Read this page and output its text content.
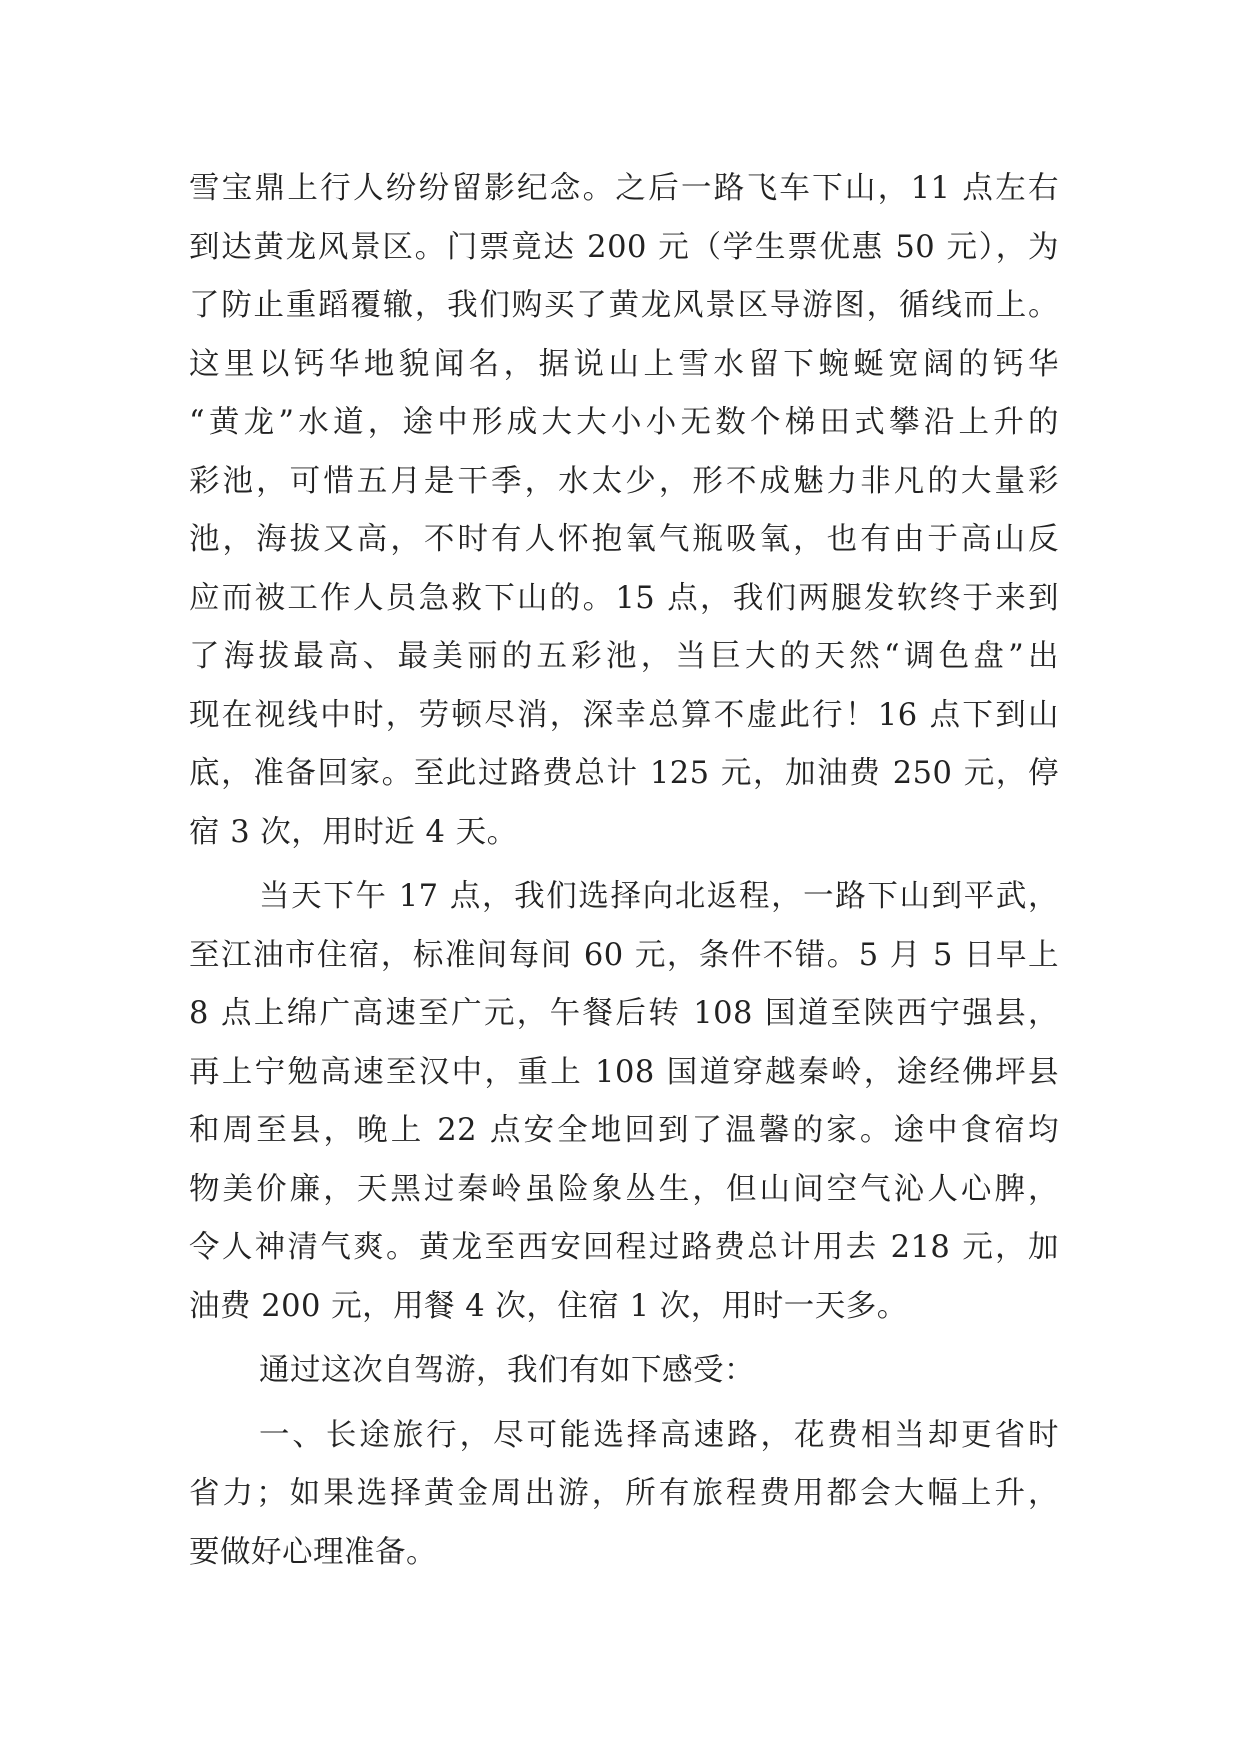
雪宝鼎上行人纷纷留影纪念。之后一路飞车下山，11 点左右
到达黄龙风景区。门票竟达 200 元（学生票优惠 50 元），为
了防止重蹈覆辙，我们购买了黄龙风景区导游图，循线而上。
这里以钙华地貌闻名，据说山上雪水留下蜿蜒宽阔的钙华
“黄龙”水道，途中形成大大小小无数个梯田式攀沿上升的
彩池，可惜五月是干季，水太少，形不成魅力非凡的大量彩
池，海拔又高，不时有人怀抱氧气瓶吸氧，也有由于高山反
应而被工作人员急救下山的。15 点，我们两腿发软终于来到
了海拔最高、最美丽的五彩池，当巨大的天然“调色盘”出
现在视线中时，劳顿尽消，深幸总算不虚此行！16 点下到山
底，准备回家。至此过路费总计 125 元，加油费 250 元，停
宿 3 次，用时近 4 天。
当天下午 17 点，我们选择向北返程，一路下山到平武，
至江油市住宿，标准间每间 60 元，条件不错。5 月 5 日早上
8 点上绵广高速至广元，午餐后转 108 国道至陕西宁强县，
再上宁勉高速至汉中，重上 108 国道穿越秦岭，途经佛坪县
和周至县，晚上 22 点安全地回到了温馨的家。途中食宿均
物美价廉，天黑过秦岭虽险象丛生，但山间空气沁人心脾，
令人神清气爽。黄龙至西安回程过路费总计用去 218 元，加
油费 200 元，用餐 4 次，住宿 1 次，用时一天多。
通过这次自驾游，我们有如下感受：
一、长途旅行，尽可能选择高速路，花费相当却更省时
省力；如果选择黄金周出游，所有旅程费用都会大幅上升，
要做好心理准备。
